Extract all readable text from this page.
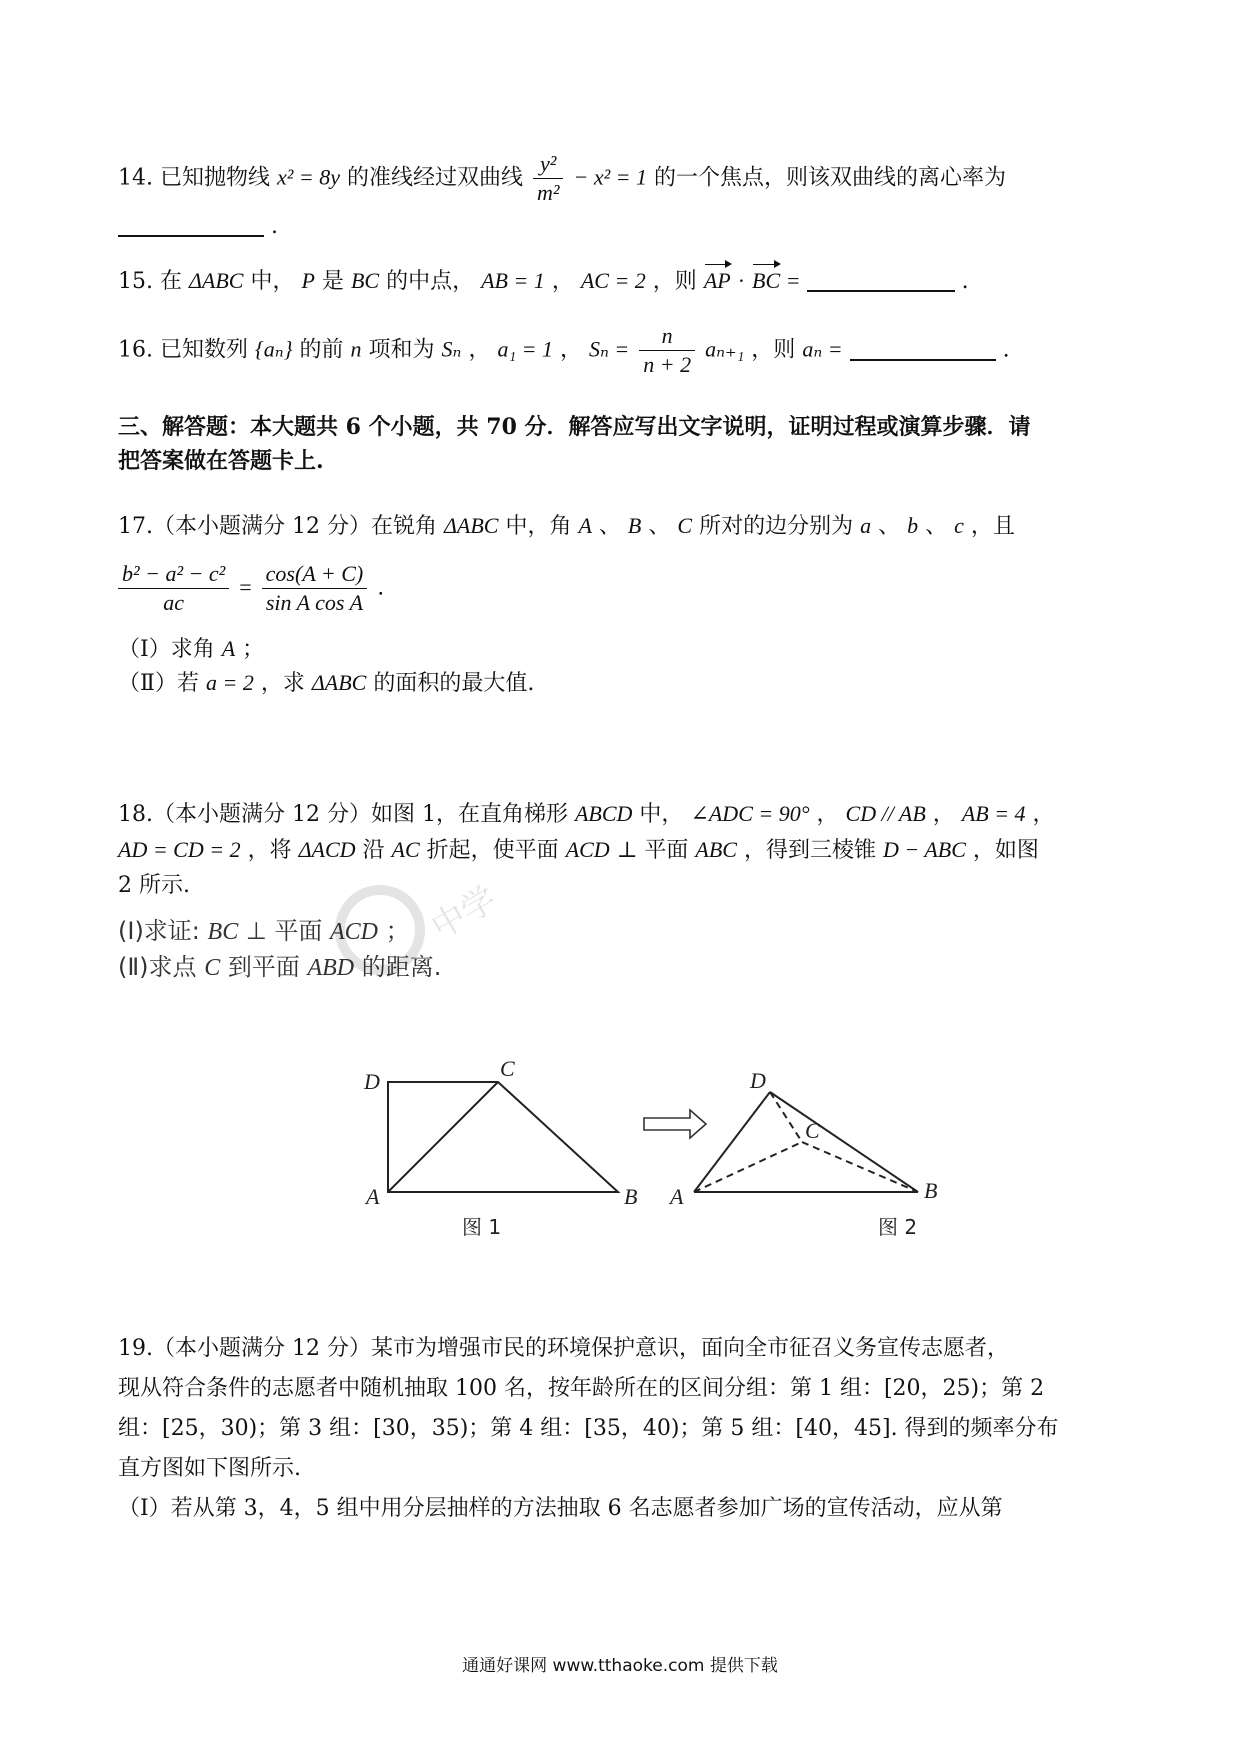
14. 已知抛物线 x² = 8y 的准线经过双曲线 $\frac{\text{y²}}{\text{m²}} - x^2 = 1$ 的一个焦点，则该双曲线的离心率为
.
15. 在 ΔABC 中， P 是 BC 的中点， AB = 1 ， AC = 2 ，则 AP · BC =	.
16. 已知数列 {aₙ} 的前 n 项和为 Sₙ ， a₁ = 1 ， $S_n = \frac{n}{n + 2} a_{n+1}$ ，则 aₙ =	.
三、解答题：本大题共 6 个小题，共 70 分．解答应写出文字说明，证明过程或演算步骤．请
把答案做在答题卡上.
17.（本小题满分 12 分）在锐角 ΔABC 中，角 A 、 B 、 C 所对的边分别为 a 、 b 、 c ，且
$\frac{\text{b² − a² − c²}}{ac} = \frac{\cos(A + C)}{\text{sin A cos A}}$ .
（Ⅰ）求角 A ；
（Ⅱ）若 a = 2 ，求 ΔABC 的面积的最大值.
18.（本小题满分 12 分）如图 1，在直角梯形 ABCD 中， ∠ADC = 90° ， CD // AB ， AB = 4 ，
AD = CD = 2 ，将 ΔACD 沿 AC 折起，使平面 ACD ⊥ 平面 ABC ，得到三棱锥 D − ABC ，如图
2 所示.
(Ⅰ)求证: BC ⊥ 平面 ACD ；
(Ⅱ)求点 C 到平面 ABD 的距离.
中学
D
C
A	B
图 1
D
C
A	B
图 2
19.（本小题满分 12 分）某市为增强市民的环境保护意识，面向全市征召义务宣传志愿者，
现从符合条件的志愿者中随机抽取 100 名，按年龄所在的区间分组：第 1 组：[20，25)；第 2
组：[25，30)；第 3 组：[30，35)；第 4 组：[35，40)；第 5 组：[40，45]. 得到的频率分布
直方图如下图所示.
（Ⅰ）若从第 3，4，5 组中用分层抽样的方法抽取 6 名志愿者参加广场的宣传活动，应从第
通通好课网 www.tthaoke.com 提供下载
